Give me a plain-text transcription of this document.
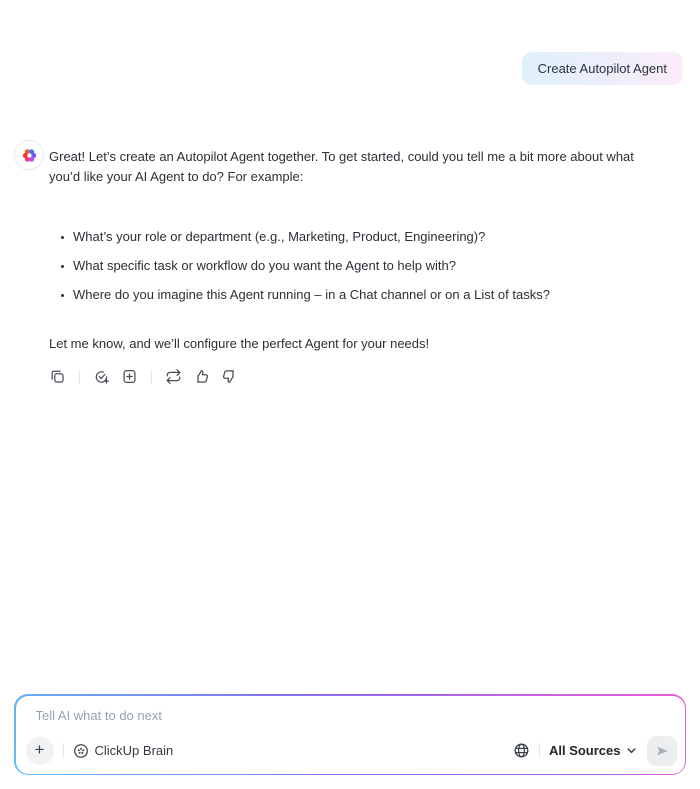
Create Autopilot Agent

Great! Let’s create an Autopilot Agent together. To get started, could you tell me a bit more about what you’d like your AI Agent to do? For example:

What’s your role or department (e.g., Marketing, Product, Engineering)?
What specific task or workflow do you want the Agent to help with?
Where do you imagine this Agent running – in a Chat channel or on a List of tasks?

Let me know, and we’ll configure the perfect Agent for your needs!

Tell AI what to do next
+	ClickUp Brain	All Sources
